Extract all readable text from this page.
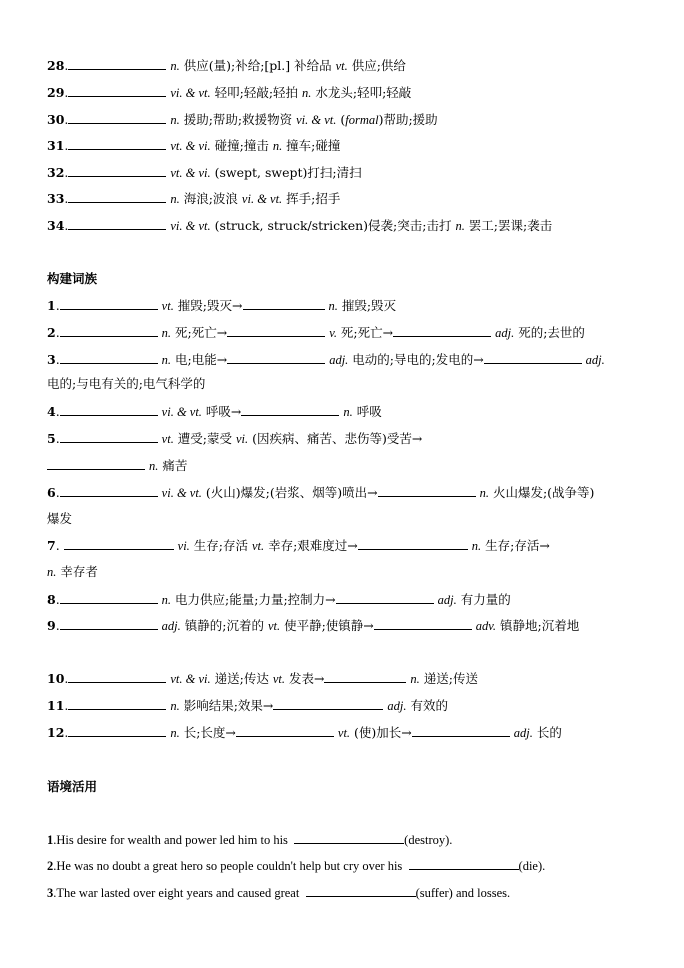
28.	n. 供应(量);补给;[pl.] 补给品 vt. 供应;供给
29.	vi. & vt. 轻叩;轻敲;轻拍 n. 水龙头;轻叩;轻敲
30.	n. 援助;帮助;救援物资 vi. & vt. (formal)帮助;援助
31.	vt. & vi. 碰撞;撞击 n. 撞车;碰撞
32.	vt. & vi. (swept, swept)打扫;清扫
33.	n. 海浪;波浪 vi. & vt. 挥手;招手
34.	vi. & vt. (struck, struck/stricken)侵袭;突击;击打 n. 罢工;罢课;袭击
构建词族
1.	vt. 摧毁;毁灭→	n. 摧毁;毁灭
2.	n. 死;死亡→	v. 死;死亡→	adj. 死的;去世的
3.	n. 电;电能→	adj. 电动的;导电的;发电的→	adj.
电的;与电有关的;电气科学的
4.	vi. & vt. 呼吸→	n. 呼吸
5.	vt. 遭受;蒙受 vi. (因疾病、痛苦、悲伤等)受苦→
n. 痛苦
6.	vi. & vt. (火山)爆发;(岩浆、烟等)喷出→	n. 火山爆发;(战争等)
爆发
7.	vi. 生存;存活 vt. 幸存;艰难度过→	n. 生存;存活→
n. 幸存者
8.	n. 电力供应;能量;力量;控制力→	adj. 有力量的
9.	adj. 镇静的;沉着的 vt. 使平静;使镇静→	adv. 镇静地;沉着地
10.	vt. & vi. 递送;传达 vt. 发表→	n. 递送;传送
11.	n. 影响结果;效果→	adj. 有效的
12.	n. 长;长度→	vt. (使)加长→	adj. 长的
语境活用
1.His desire for wealth and power led him to his	(destroy).
2.He was no doubt a great hero so people couldn't help but cry over his	(die).
3.The war lasted over eight years and caused great	(suffer) and losses.
